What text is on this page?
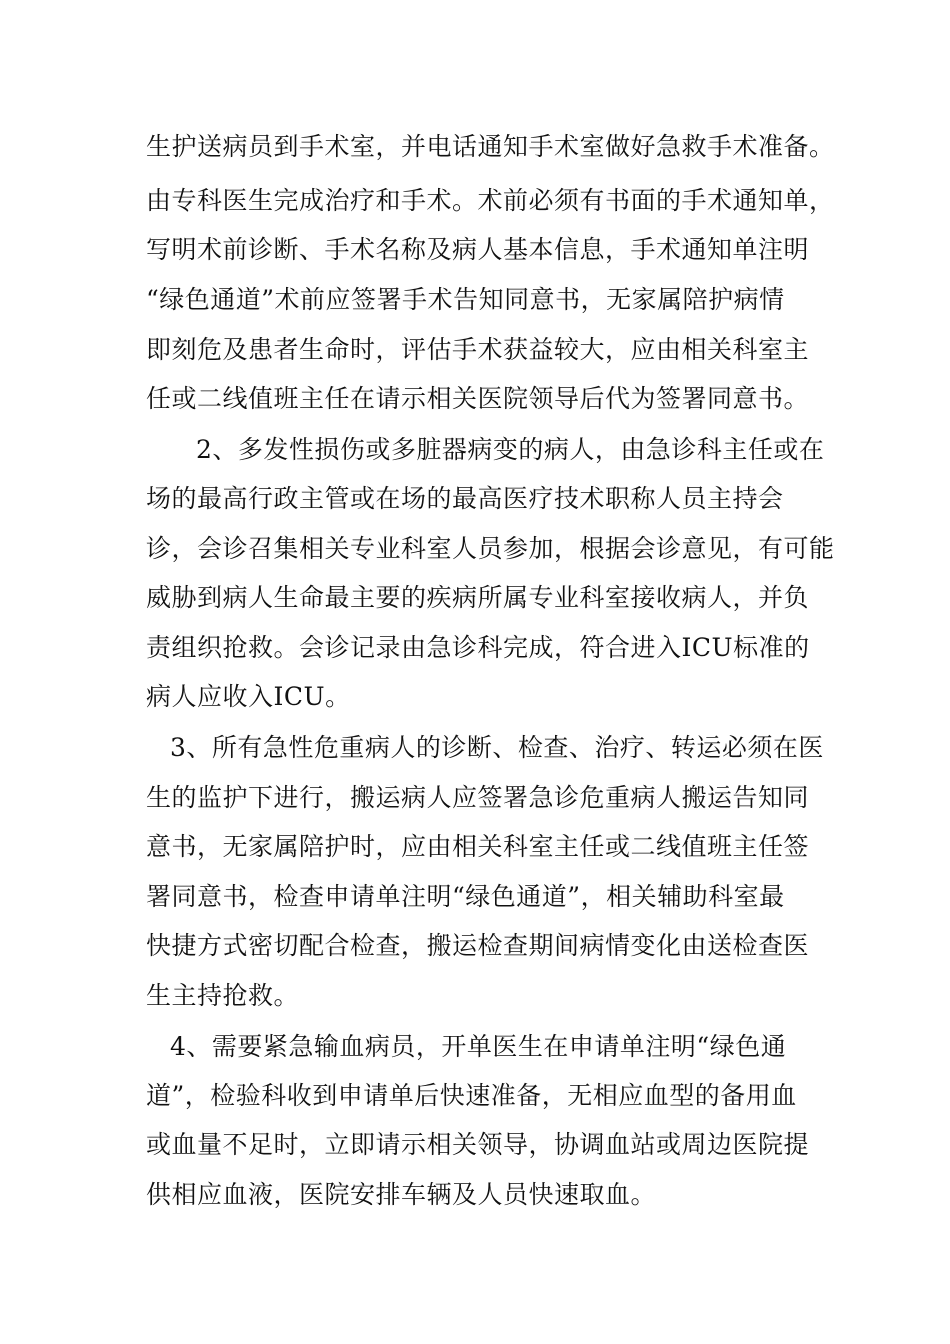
生护送病员到手术室，并电话通知手术室做好急救手术准备。
由专科医生完成治疗和手术。术前必须有书面的手术通知单，
写明术前诊断、手术名称及病人基本信息，手术通知单注明
“绿色通道”术前应签署手术告知同意书，无家属陪护病情
即刻危及患者生命时，评估手术获益较大，应由相关科室主
任或二线值班主任在请示相关医院领导后代为签署同意书。
2、多发性损伤或多脏器病变的病人，由急诊科主任或在
场的最高行政主管或在场的最高医疗技术职称人员主持会
诊，会诊召集相关专业科室人员参加，根据会诊意见，有可能
威胁到病人生命最主要的疾病所属专业科室接收病人，并负
责组织抢救。会诊记录由急诊科完成，符合进入ICU标准的
病人应收入ICU。
3、所有急性危重病人的诊断、检查、治疗、转运必须在医
生的监护下进行，搬运病人应签署急诊危重病人搬运告知同
意书，无家属陪护时，应由相关科室主任或二线值班主任签
署同意书，检查申请单注明“绿色通道”，相关辅助科室最
快捷方式密切配合检查，搬运检查期间病情变化由送检查医
生主持抢救。
4、需要紧急输血病员，开单医生在申请单注明“绿色通
道”，检验科收到申请单后快速准备，无相应血型的备用血
或血量不足时，立即请示相关领导，协调血站或周边医院提
供相应血液，医院安排车辆及人员快速取血。
